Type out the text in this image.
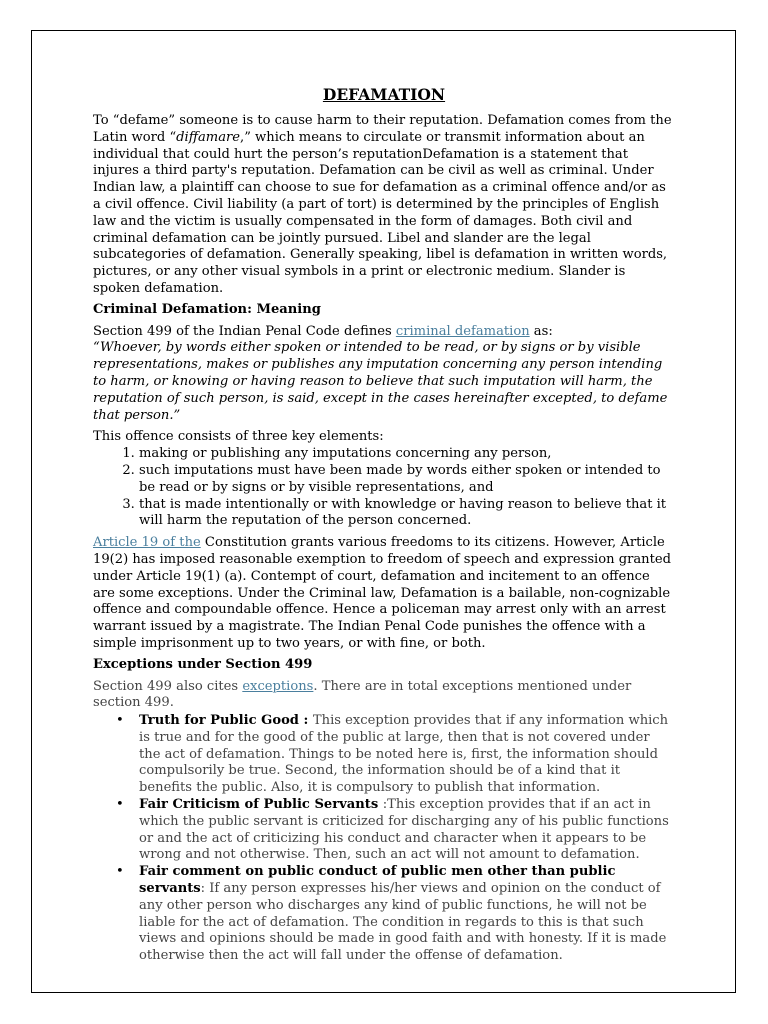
DEFAMATION

To “defame” someone is to cause harm to their reputation. Defamation comes from the Latin word “diffamare,” which means to circulate or transmit information about an individual that could hurt the person’s reputationDefamation is a statement that injures a third party's reputation. Defamation can be civil as well as criminal. Under Indian law, a plaintiff can choose to sue for defamation as a criminal offence and/or as a civil offence. Civil liability (a part of tort) is determined by the principles of English law and the victim is usually compensated in the form of damages. Both civil and criminal defamation can be jointly pursued. Libel and slander are the legal subcategories of defamation. Generally speaking, libel is defamation in written words, pictures, or any other visual symbols in a print or electronic medium. Slander is spoken defamation.

Criminal Defamation: Meaning

Section 499 of the Indian Penal Code defines criminal defamation as:

“Whoever, by words either spoken or intended to be read, or by signs or by visible representations, makes or publishes any imputation concerning any person intending to harm, or knowing or having reason to believe that such imputation will harm, the reputation of such person, is said, except in the cases hereinafter excepted, to defame that person.”

This offence consists of three key elements:

1. making or publishing any imputations concerning any person,
2. such imputations must have been made by words either spoken or intended to be read or by signs or by visible representations, and
3. that is made intentionally or with knowledge or having reason to believe that it will harm the reputation of the person concerned.

Article 19 of the Constitution grants various freedoms to its citizens. However, Article 19(2) has imposed reasonable exemption to freedom of speech and expression granted under Article 19(1) (a). Contempt of court, defamation and incitement to an offence are some exceptions. Under the Criminal law, Defamation is a bailable, non-cognizable offence and compoundable offence. Hence a policeman may arrest only with an arrest warrant issued by a magistrate. The Indian Penal Code punishes the offence with a simple imprisonment up to two years, or with fine, or both.

Exceptions under Section 499

Section 499 also cites exceptions. There are in total exceptions mentioned under section 499.

• Truth for Public Good : This exception provides that if any information which is true and for the good of the public at large, then that is not covered under the act of defamation. Things to be noted here is, first, the information should compulsorily be true. Second, the information should be of a kind that it benefits the public. Also, it is compulsory to publish that information.
• Fair Criticism of Public Servants :This exception provides that if an act in which the public servant is criticized for discharging any of his public functions or and the act of criticizing his conduct and character when it appears to be wrong and not otherwise. Then, such an act will not amount to defamation.
• Fair comment on public conduct of public men other than public servants: If any person expresses his/her views and opinion on the conduct of any other person who discharges any kind of public functions, he will not be liable for the act of defamation. The condition in regards to this is that such views and opinions should be made in good faith and with honesty. If it is made otherwise then the act will fall under the offense of defamation.
